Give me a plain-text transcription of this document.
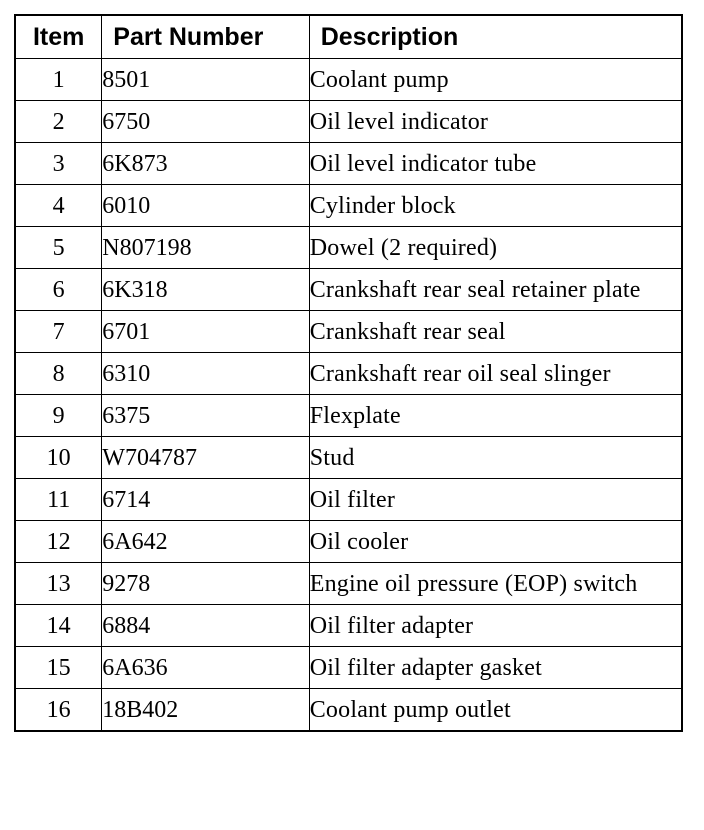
Item	Part Number	Description
1	8501	Coolant pump
2	6750	Oil level indicator
3	6K873	Oil level indicator tube
4	6010	Cylinder block
5	N807198	Dowel (2 required)
6	6K318	Crankshaft rear seal retainer plate
7	6701	Crankshaft rear seal
8	6310	Crankshaft rear oil seal slinger
9	6375	Flexplate
10	W704787	Stud
11	6714	Oil filter
12	6A642	Oil cooler
13	9278	Engine oil pressure (EOP) switch
14	6884	Oil filter adapter
15	6A636	Oil filter adapter gasket
16	18B402	Coolant pump outlet
